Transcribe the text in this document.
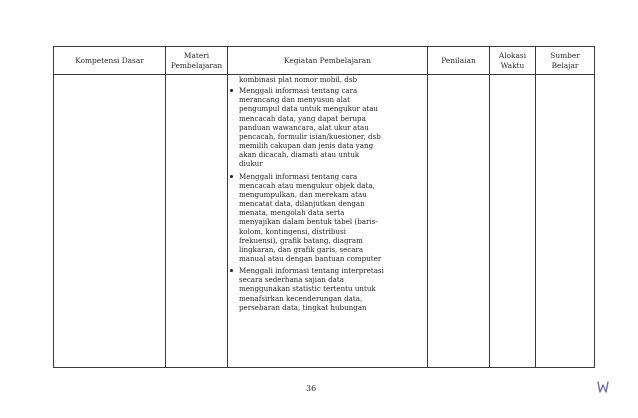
Kompetensi Dasar
Materi
Pembelajaran
Kegiatan Pembelajaran	Penilaian
Alokasi
Waktu
Sumber
Belajar
kombinasi plat nomor mobil, dsb
Menggali informasi tentang cara
merancang dan menyusun alat
pengumpul data untuk mengukur atau
mencacah data, yang dapat berupa
panduan wawancara, alat ukur atau
pencacah, formulir isian/kuesioner, dsb
memilih cakupan dan jenis data yang
akan dicacah, diamati atau untuk
diukur
Menggali informasi tentang cara
mencacah atau mengukur objek data,
mengumpulkan, dan merekam atau
mencatat data, dilanjutkan dengan
menata, mengolah data serta
menyajikan dalam bentuk tabel (baris-
kolom, kontingensi, distribusi
frekuensi), grafik batang, diagram
lingkaran, dan grafik garis, secara
manual atau dengan bantuan computer
Menggali informasi tentang interpretasi
secara sederhana sajian data
menggunakan statistic tertentu untuk
menafsirkan kecenderungan data,
persebaran data, tingkat hubungan
36
